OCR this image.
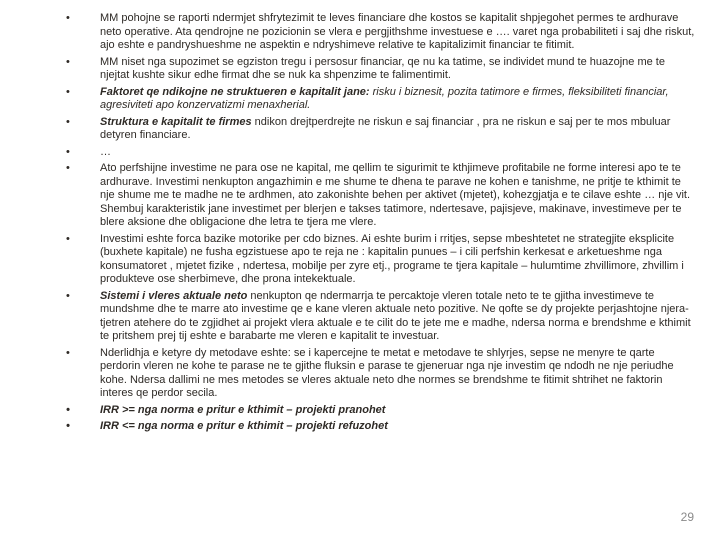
• MM pohojne se raporti ndermjet shfrytezimit te leves financiare dhe kostos se kapitalit shpjegohet permes te ardhurave neto operative. Ata qendrojne ne pozicionin se vlera e pergjithshme investuese e …. varet nga probabiliteti i saj dhe riskut, ajo eshte e pandryshueshme ne aspektin e ndryshimeve relative te kapitalizimit financiar te fitimit.
• MM niset nga supozimet se egziston tregu i persosur financiar, qe nu ka tatime, se individet mund te huazojne me te njejtat kushte sikur edhe firmat dhe se nuk ka shpenzime te falimentimit.
• Faktoret qe ndikojne ne struktueren e kapitalit jane: risku i biznesit, pozita tatimore e firmes, fleksibiliteti financiar, agresiviteti apo konzervatizmi menaxherial.
• Struktura e kapitalit te firmes ndikon drejtperdrejte ne riskun e saj financiar , pra ne riskun e saj per te mos mbuluar detyren financiare.
• …
• Ato perfshijne investime ne para ose ne kapital, me qellim te sigurimit te kthjimeve profitabile ne forme interesi apo te te ardhurave. Investimi nenkupton angazhimin e me shume te dhena te parave ne kohen e tanishme, ne pritje te kthimit te nje shume me te madhe ne te ardhmen, ato zakonishte behen per aktivet (mjetet), kohezgjatja e te cilave eshte … nje vit. Shembuj karakteristik jane investimet per blerjen e takses tatimore, ndertesave, pajisjeve, makinave, investimeve per te blere aksione dhe obligacione dhe letra te tjera me vlere.
• Investimi eshte forca bazike motorike per cdo biznes. Ai eshte burim i rritjes, sepse mbeshtetet ne strategjite eksplicite (buxhete kapitale) ne fusha egzistuese apo te reja ne : kapitalin punues – i cili perfshin kerkesat e arketueshme nga konsumatoret , mjetet fizike , ndertesa, mobilje per zyre etj., programe te tjera kapitale – hulumtime zhvillimore, zhvillim i produkteve ose sherbimeve, dhe prona intekektuale.
• Sistemi i vleres aktuale neto nenkupton qe ndermarrja te percaktoje vleren totale neto te te gjitha investimeve te mundshme dhe te marre ato investime qe e kane vleren aktuale neto pozitive. Ne qofte se dy projekte perjashtojne njera-tjetren atehere do te zgjidhet ai projekt vlera aktuale e te cilit do te jete me e madhe, ndersa norma e brendshme e kthimit te pritshem prej tij eshte e barabarte me vleren e kapitalit te investuar.
• Nderlidhja e ketyre dy metodave eshte: se i kapercejne te metat e metodave te shlyrjes, sepse ne menyre te qarte perdorin vleren ne kohe te parase ne te gjithe fluksin e parase te gjeneruar nga nje investim qe ndodh ne nje periudhe kohe. Ndersa dallimi ne mes metodes se vleres aktuale neto dhe normes se brendshme te fitimit shtrihet ne faktorin interes qe perdor secila.
• IRR >= nga norma e pritur e kthimit – projekti pranohet
• IRR <= nga norma e pritur e kthimit – projekti refuzohet
29
